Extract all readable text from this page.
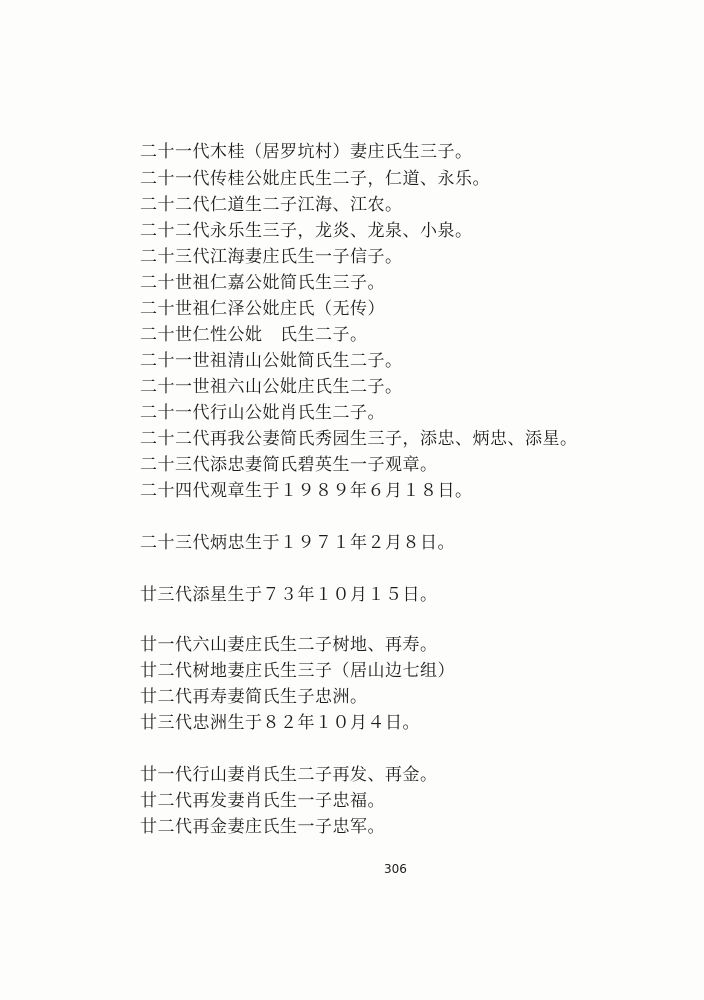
二十一代木桂（居罗坑村）妻庄氏生三子。
二十一代传桂公妣庄氏生二子，仁道、永乐。
二十二代仁道生二子江海、江农。
二十二代永乐生三子，龙炎、龙泉、小泉。
二十三代江海妻庄氏生一子信子。
二十世祖仁嘉公妣简氏生三子。
二十世祖仁泽公妣庄氏（无传）
二十世仁性公妣　氏生二子。
二十一世祖清山公妣简氏生二子。
二十一世祖六山公妣庄氏生二子。
二十一代行山公妣肖氏生二子。
二十二代再我公妻简氏秀园生三子，添忠、炳忠、添星。
二十三代添忠妻简氏碧英生一子观章。
二十四代观章生于１９８９年６月１８日。
二十三代炳忠生于１９７１年２月８日。
廿三代添星生于７３年１０月１５日。
廿一代六山妻庄氏生二子树地、再寿。
廿二代树地妻庄氏生三子（居山边七组）
廿二代再寿妻简氏生子忠洲。
廿三代忠洲生于８２年１０月４日。
廿一代行山妻肖氏生二子再发、再金。
廿二代再发妻肖氏生一子忠福。
廿二代再金妻庄氏生一子忠军。
306
